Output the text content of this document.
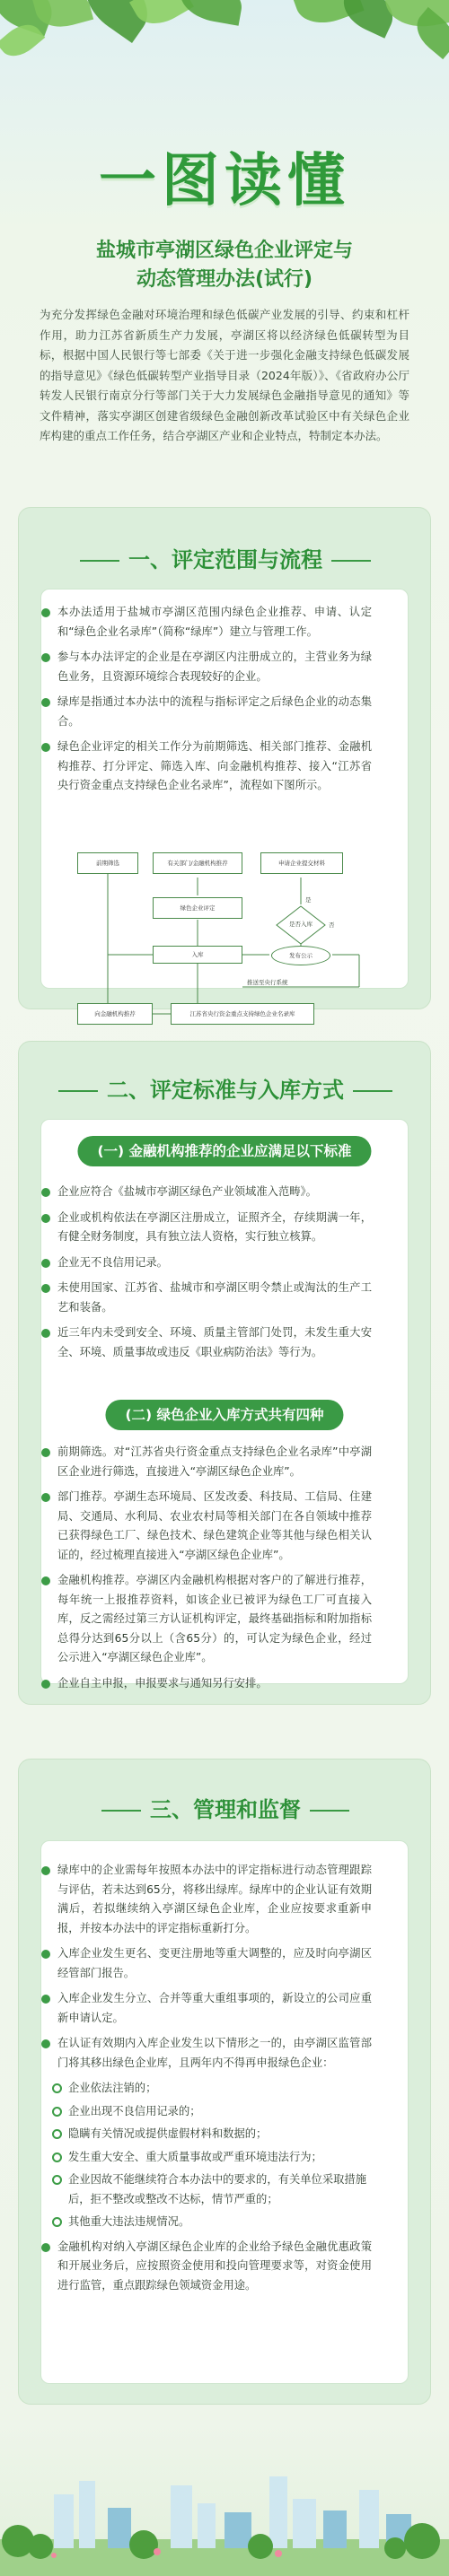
一图读懂
盐城市亭湖区绿色企业评定与
动态管理办法(试行)
为充分发挥绿色金融对环境治理和绿色低碳产业发展的引导、约束和杠杆作用，助力江苏省新质生产力发展，亭湖区将以经济绿色低碳转型为目标，根据中国人民银行等七部委《关于进一步强化金融支持绿色低碳发展的指导意见》《绿色低碳转型产业指导目录（2024年版）》、《省政府办公厅转发人民银行南京分行等部门关于大力发展绿色金融指导意见的通知》等文件精神，落实亭湖区创建省级绿色金融创新改革试验区中有关绿色企业库构建的重点工作任务，结合亭湖区产业和企业特点，特制定本办法。
一、评定范围与流程
本办法适用于盐城市亭湖区范围内绿色企业推荐、申请、认定和“绿色企业名录库”（简称“绿库”）建立与管理工作。
参与本办法评定的企业是在亭湖区内注册成立的，主营业务为绿色业务，且资源环境综合表现较好的企业。
绿库是指通过本办法中的流程与指标评定之后绿色企业的动态集合。
绿色企业评定的相关工作分为前期筛选、相关部门推荐、金融机构推荐、打分评定、筛选入库、向金融机构推荐、接入“江苏省央行资金重点支持绿色企业名录库”，流程如下图所示。
前期筛选	有关部门/金融机构推荐	申请企业提交材料
绿色企业评定
是否入库
发布公示
入库
推送至央行系统
向金融机构推荐	江苏省央行资金重点支持绿色企业名录库
是
否
二、评定标准与入库方式
(一) 金融机构推荐的企业应满足以下标准
企业应符合《盐城市亭湖区绿色产业领域准入范畴》。
企业或机构依法在亭湖区注册成立，证照齐全，存续期满一年，有健全财务制度，具有独立法人资格，实行独立核算。
企业无不良信用记录。
未使用国家、江苏省、盐城市和亭湖区明令禁止或淘汰的生产工艺和装备。
近三年内未受到安全、环境、质量主管部门处罚，未发生重大安全、环境、质量事故或违反《职业病防治法》等行为。
(二) 绿色企业入库方式共有四种
前期筛选。对“江苏省央行资金重点支持绿色企业名录库”中亭湖区企业进行筛选，直接进入“亭湖区绿色企业库”。
部门推荐。亭湖生态环境局、区发改委、科技局、工信局、住建局、交通局、水利局、农业农村局等相关部门在各自领域中推荐已获得绿色工厂、绿色技术、绿色建筑企业等其他与绿色相关认证的，经过梳理直接进入“亭湖区绿色企业库”。
金融机构推荐。亭湖区内金融机构根据对客户的了解进行推荐，每年统一上报推荐资料，如该企业已被评为绿色工厂可直接入库，反之需经过第三方认证机构评定，最终基础指标和附加指标总得分达到65分以上（含65分）的，可认定为绿色企业，经过公示进入“亭湖区绿色企业库”。
企业自主申报，申报要求与通知另行安排。
三、管理和监督
绿库中的企业需每年按照本办法中的评定指标进行动态管理跟踪与评估，若未达到65分，将移出绿库。绿库中的企业认证有效期满后，若拟继续纳入亭湖区绿色企业库，企业应按要求重新申报，并按本办法中的评定指标重新打分。
入库企业发生更名、变更注册地等重大调整的，应及时向亭湖区经管部门报告。
入库企业发生分立、合并等重大重组事项的，新设立的公司应重新申请认定。
在认证有效期内入库企业发生以下情形之一的，由亭湖区监管部门将其移出绿色企业库，且两年内不得再申报绿色企业：
企业依法注销的；
企业出现不良信用记录的；
隐瞒有关情况或提供虚假材料和数据的；
发生重大安全、重大质量事故或严重环境违法行为；
企业因故不能继续符合本办法中的要求的，有关单位采取措施后，拒不整改或整改不达标，情节严重的；
其他重大违法违规情况。
金融机构对纳入亭湖区绿色企业库的企业给予绿色金融优惠政策和开展业务后，应按照资金使用和投向管理要求等，对资金使用进行监管，重点跟踪绿色领域资金用途。
